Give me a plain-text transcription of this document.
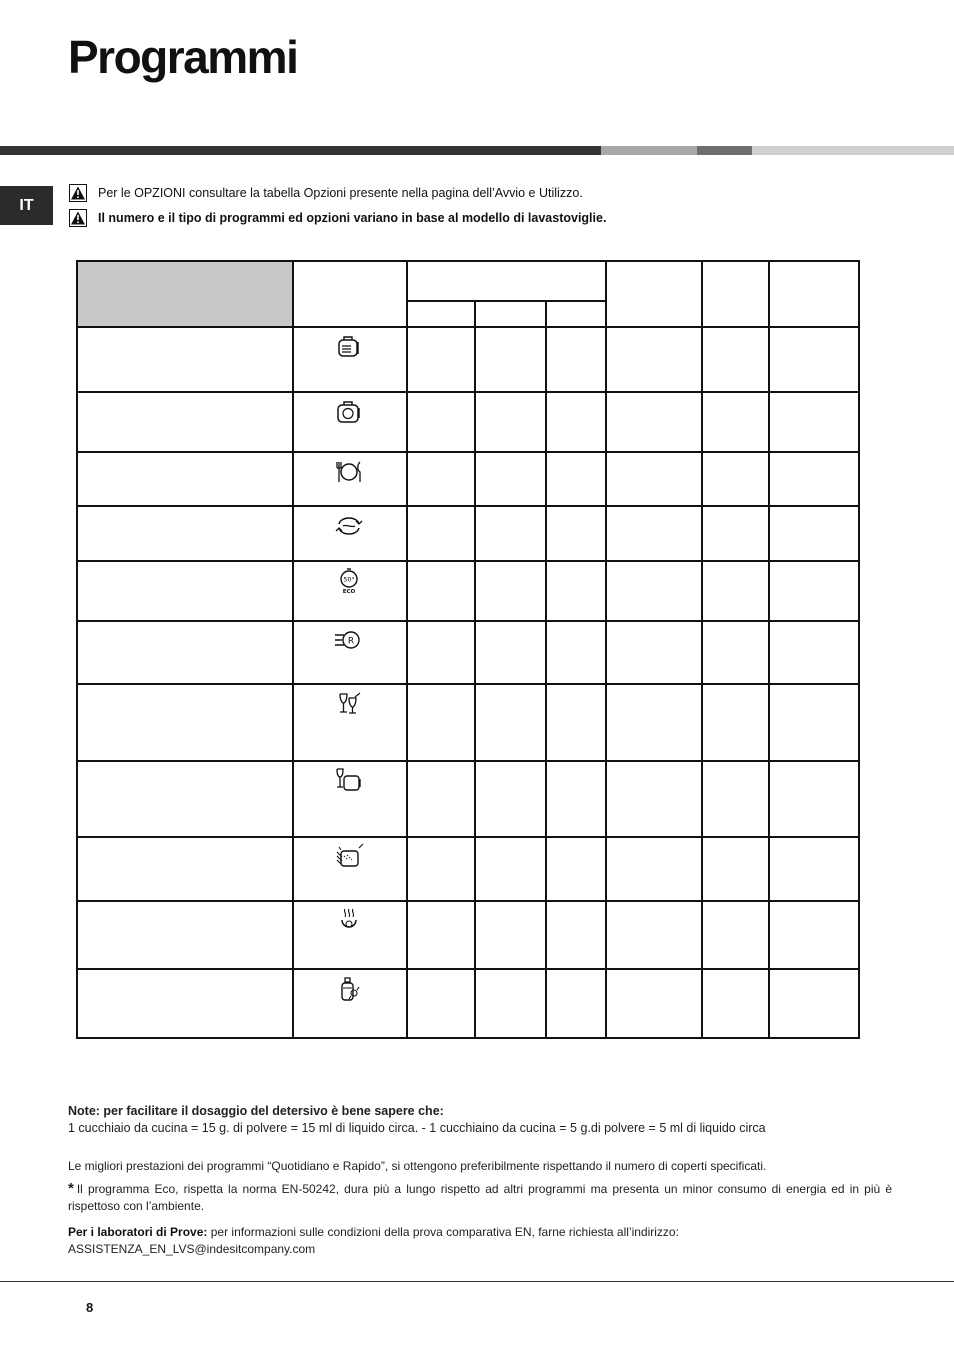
Programmi
IT
Per le OPZIONI consultare la tabella Opzioni presente nella pagina dell’Avvio e Utilizzo.
Il numero e il tipo di programmi ed opzioni variano in base al modello di lavastoviglie.
50°
ECO
R
Note: per facilitare il dosaggio del detersivo è bene sapere che:
1 cucchiaio da cucina = 15 g. di polvere = 15 ml di liquido circa. - 1 cucchiaino da cucina = 5 g.di polvere = 5 ml di liquido circa
Le migliori prestazioni dei programmi “Quotidiano e Rapido”, si ottengono preferibilmente rispettando il numero di coperti specificati.
* Il programma Eco, rispetta la norma EN-50242, dura più a lungo rispetto ad altri programmi ma presenta un minor consumo di energia ed in più è rispettoso con l’ambiente.
Per i laboratori di Prove: per informazioni sulle condizioni della prova comparativa EN, farne richiesta all’indirizzo: ASSISTENZA_EN_LVS@indesitcompany.com
8
